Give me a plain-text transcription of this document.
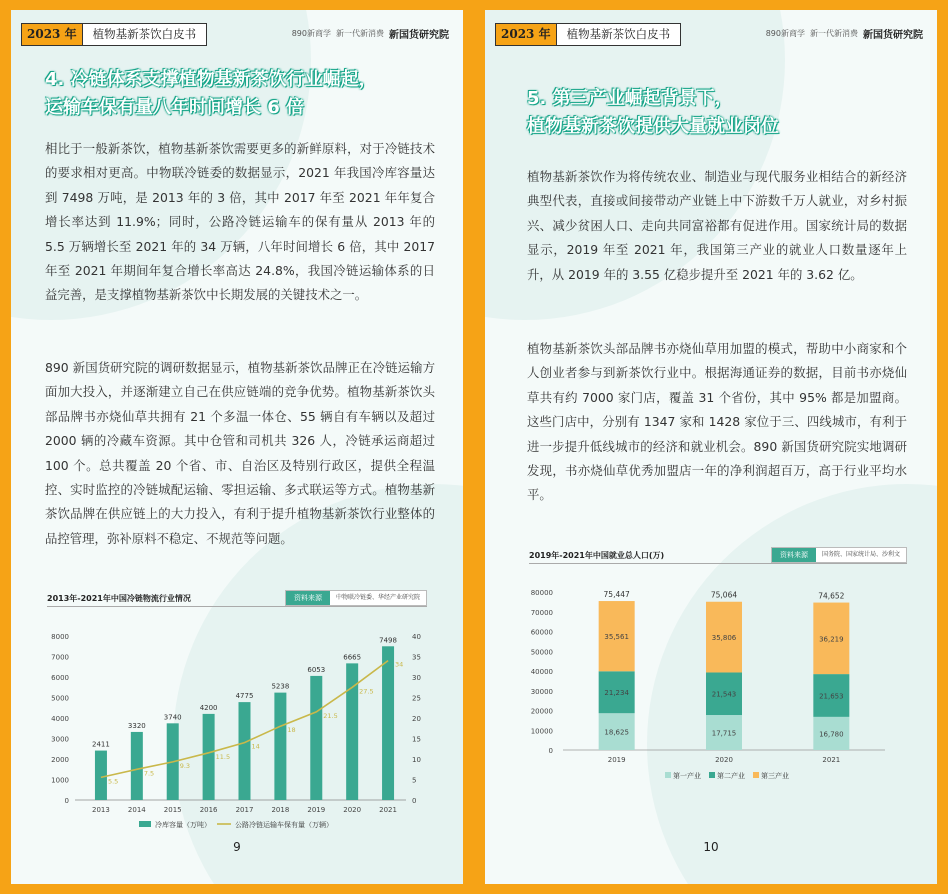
2023 年	植物基新茶饮白皮书	890新商学 新一代新消费 新国货研究院
4. 冷链体系支撑植物基新茶饮行业崛起，
运输车保有量八年时间增长 6 倍

相比于一般新茶饮，植物基新茶饮需要更多的新鲜原料，对于冷链技术的要求相对更高。中物联冷链委的数据显示，2021 年我国冷库容量达到 7498 万吨，是 2013 年的 3 倍，其中 2017 年至 2021 年年复合增长率达到 11.9%；同时，公路冷链运输车的保有量从 2013 年的 5.5 万辆增长至 2021 年的 34 万辆，八年时间增长 6 倍，其中 2017 年至 2021 年期间年复合增长率高达 24.8%，我国冷链运输体系的日益完善，是支撑植物基新茶饮中长期发展的关键技术之一。

890 新国货研究院的调研数据显示，植物基新茶饮品牌正在冷链运输方面加大投入，并逐渐建立自己在供应链端的竞争优势。植物基新茶饮头部品牌书亦烧仙草共拥有 21 个多温一体仓、55 辆自有车辆以及超过 2000 辆的冷藏车资源。其中仓管和司机共 326 人，冷链承运商超过 100 个。总共覆盖 20 个省、市、自治区及特别行政区，提供全程温控、实时监控的冷链城配运输、零担运输、多式联运等方式。植物基新茶饮品牌在供应链上的大力投入，有利于提升植物基新茶饮行业整体的品控管理，弥补原料不稳定、不规范等问题。

2013年-2021年中国冷链物流行业情况	资料来源	中物联冷链委、华经产业研究院
0
1000
2000
3000
4000
5000
6000
7000
8000
0
5
10
15
20
25
30
35
40
2411
2013
3320
2014
3740
2015
4200
2016
4775
2017
5238
2018
6053
2019
6665
2020
7498
2021
5.5
7.5
9.3
11.5
14
18
21.5
27.5
34
冷库容量（万吨）	公路冷链运输车保有量（万辆）
9
2023 年	植物基新茶饮白皮书	890新商学 新一代新消费 新国货研究院
5. 第三产业崛起背景下，
植物基新茶饮提供大量就业岗位

植物基新茶饮作为将传统农业、制造业与现代服务业相结合的新经济典型代表，直接或间接带动产业链上中下游数千万人就业，对乡村振兴、减少贫困人口、走向共同富裕都有促进作用。国家统计局的数据显示，2019 年至 2021 年，我国第三产业的就业人口数量逐年上升，从 2019 年的 3.55 亿稳步提升至 2021 年的 3.62 亿。

植物基新茶饮头部品牌书亦烧仙草用加盟的模式，帮助中小商家和个人创业者参与到新茶饮行业中。根据海通证券的数据，目前书亦烧仙草共有约 7000 家门店，覆盖 31 个省份，其中 95% 都是加盟商。这些门店中，分别有 1347 家和 1428 家位于三、四线城市，有利于进一步提升低线城市的经济和就业机会。890 新国货研究院实地调研发现，书亦烧仙草优秀加盟店一年的净利润超百万，高于行业平均水平。

2019年-2021年中国就业总人口(万)	资料来源	国务院、国家统计局、沙利文
0
10000
20000
30000
40000
50000
60000
70000
80000
18,625
21,234
35,561
75,447
2019
17,715
21,543
35,806
75,064
2020
16,780
21,653
36,219
74,652
2021
第一产业 第二产业 第三产业
10
